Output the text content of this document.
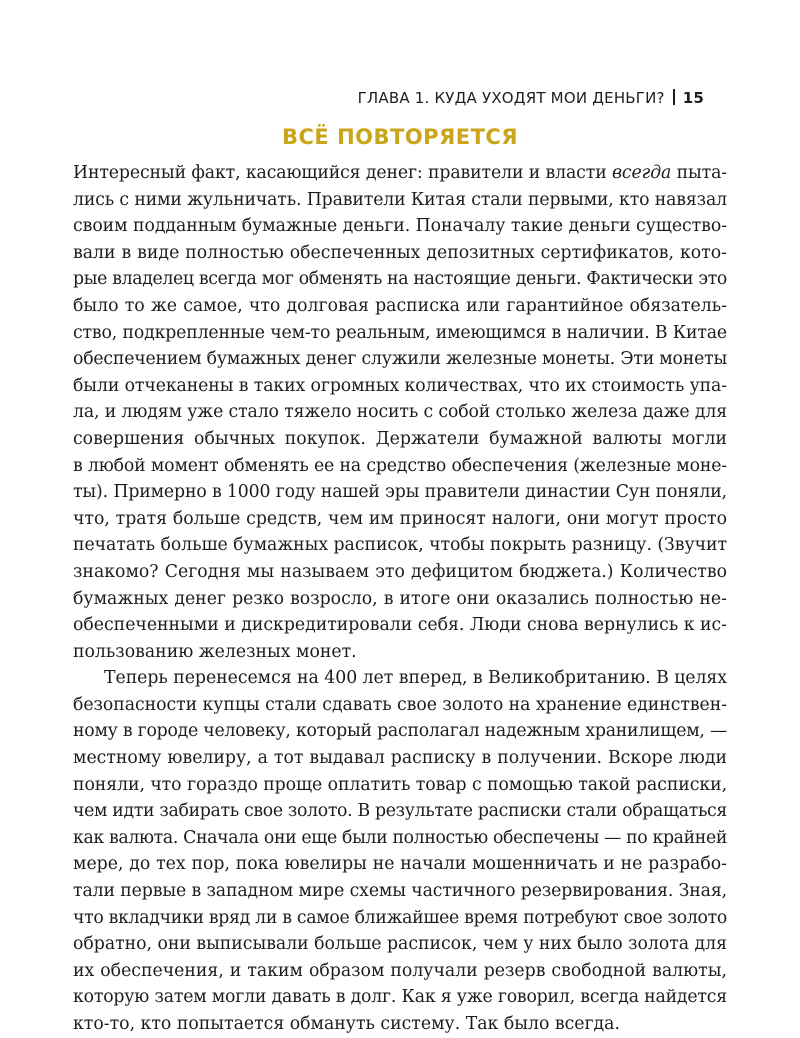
ГЛАВА 1. КУДА УХОДЯТ МОИ ДЕНЬГИ? 15
ВСЁ ПОВТОРЯЕТСЯ
Интересный факт, касающийся денег: правители и власти всегда пыта-
лись с ними жульничать. Правители Китая стали первыми, кто навязал
своим подданным бумажные деньги. Поначалу такие деньги существо-
вали в виде полностью обеспеченных депозитных сертификатов, кото-
рые владелец всегда мог обменять на настоящие деньги. Фактически это
было то же самое, что долговая расписка или гарантийное обязатель-
ство, подкрепленные чем-то реальным, имеющимся в наличии. В Китае
обеспечением бумажных денег служили железные монеты. Эти монеты
были отчеканены в таких огромных количествах, что их стоимость упа-
ла, и людям уже стало тяжело носить с собой столько железа даже для
совершения обычных покупок. Держатели бумажной валюты могли
в любой момент обменять ее на средство обеспечения (железные моне-
ты). Примерно в 1000 году нашей эры правители династии Сун поняли,
что, тратя больше средств, чем им приносят налоги, они могут просто
печатать больше бумажных расписок, чтобы покрыть разницу. (Звучит
знакомо? Сегодня мы называем это дефицитом бюджета.) Количество
бумажных денег резко возросло, в итоге они оказались полностью не-
обеспеченными и дискредитировали себя. Люди снова вернулись к ис-
пользованию железных монет.
Теперь перенесемся на 400 лет вперед, в Великобританию. В целях
безопасности купцы стали сдавать свое золото на хранение единствен-
ному в городе человеку, который располагал надежным хранилищем, —
местному ювелиру, а тот выдавал расписку в получении. Вскоре люди
поняли, что гораздо проще оплатить товар с помощью такой расписки,
чем идти забирать свое золото. В результате расписки стали обращаться
как валюта. Сначала они еще были полностью обеспечены — по крайней
мере, до тех пор, пока ювелиры не начали мошенничать и не разрабо-
тали первые в западном мире схемы частичного резервирования. Зная,
что вкладчики вряд ли в самое ближайшее время потребуют свое золото
обратно, они выписывали больше расписок, чем у них было золота для
их обеспечения, и таким образом получали резерв свободной валюты,
которую затем могли давать в долг. Как я уже говорил, всегда найдется
кто-то, кто попытается обмануть систему. Так было всегда.
